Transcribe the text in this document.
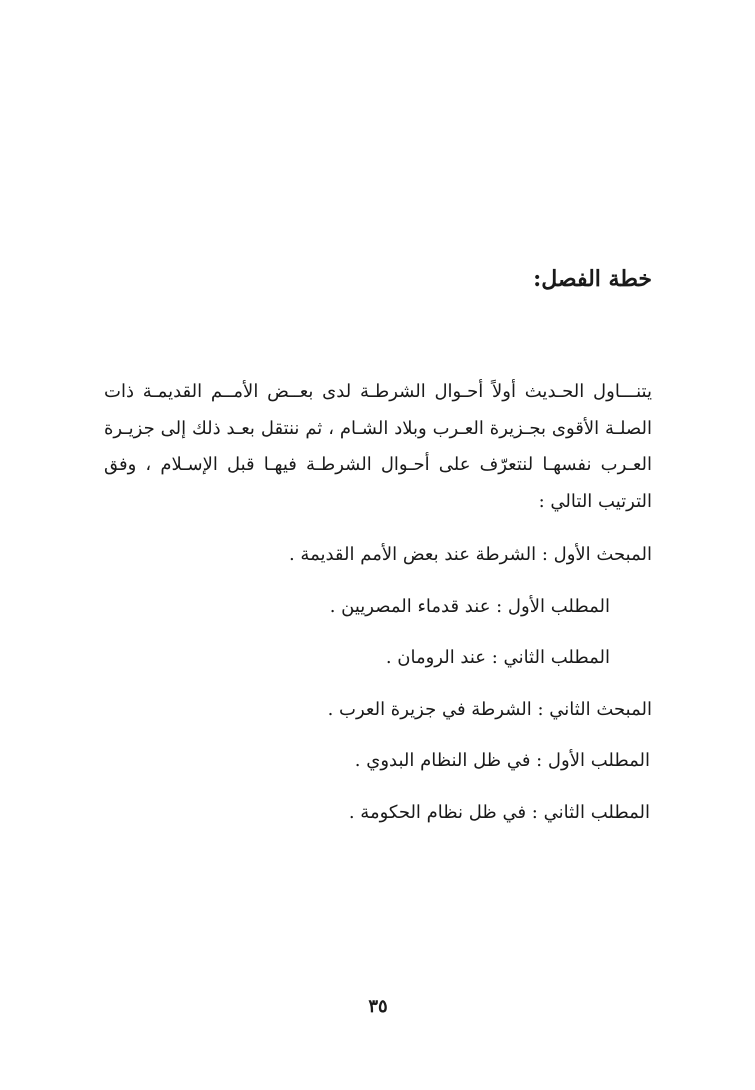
خطة الفصل:

يتنـــاول الحـديث أولاً أحـوال الشرطـة لدى بعــض الأمــم القديمـة ذات الصلـة الأقوى بجـزيرة العـرب وبلاد الشـام ، ثم ننتقل بعـد ذلك إلى جزيـرة العـرب نفسهـا لنتعرّف على أحـوال الشرطـة فيهـا قبل الإسـلام ، وفق الترتيب التالي :

المبحث الأول : الشرطة عند بعض الأمم القديمة .
المطلب الأول : عند قدماء المصريين .
المطلب الثاني : عند الرومان .
المبحث الثاني : الشرطة في جزيرة العرب .
المطلب الأول : في ظل النظام البدوي .
المطلب الثاني : في ظل نظام الحكومة .
٣٥
